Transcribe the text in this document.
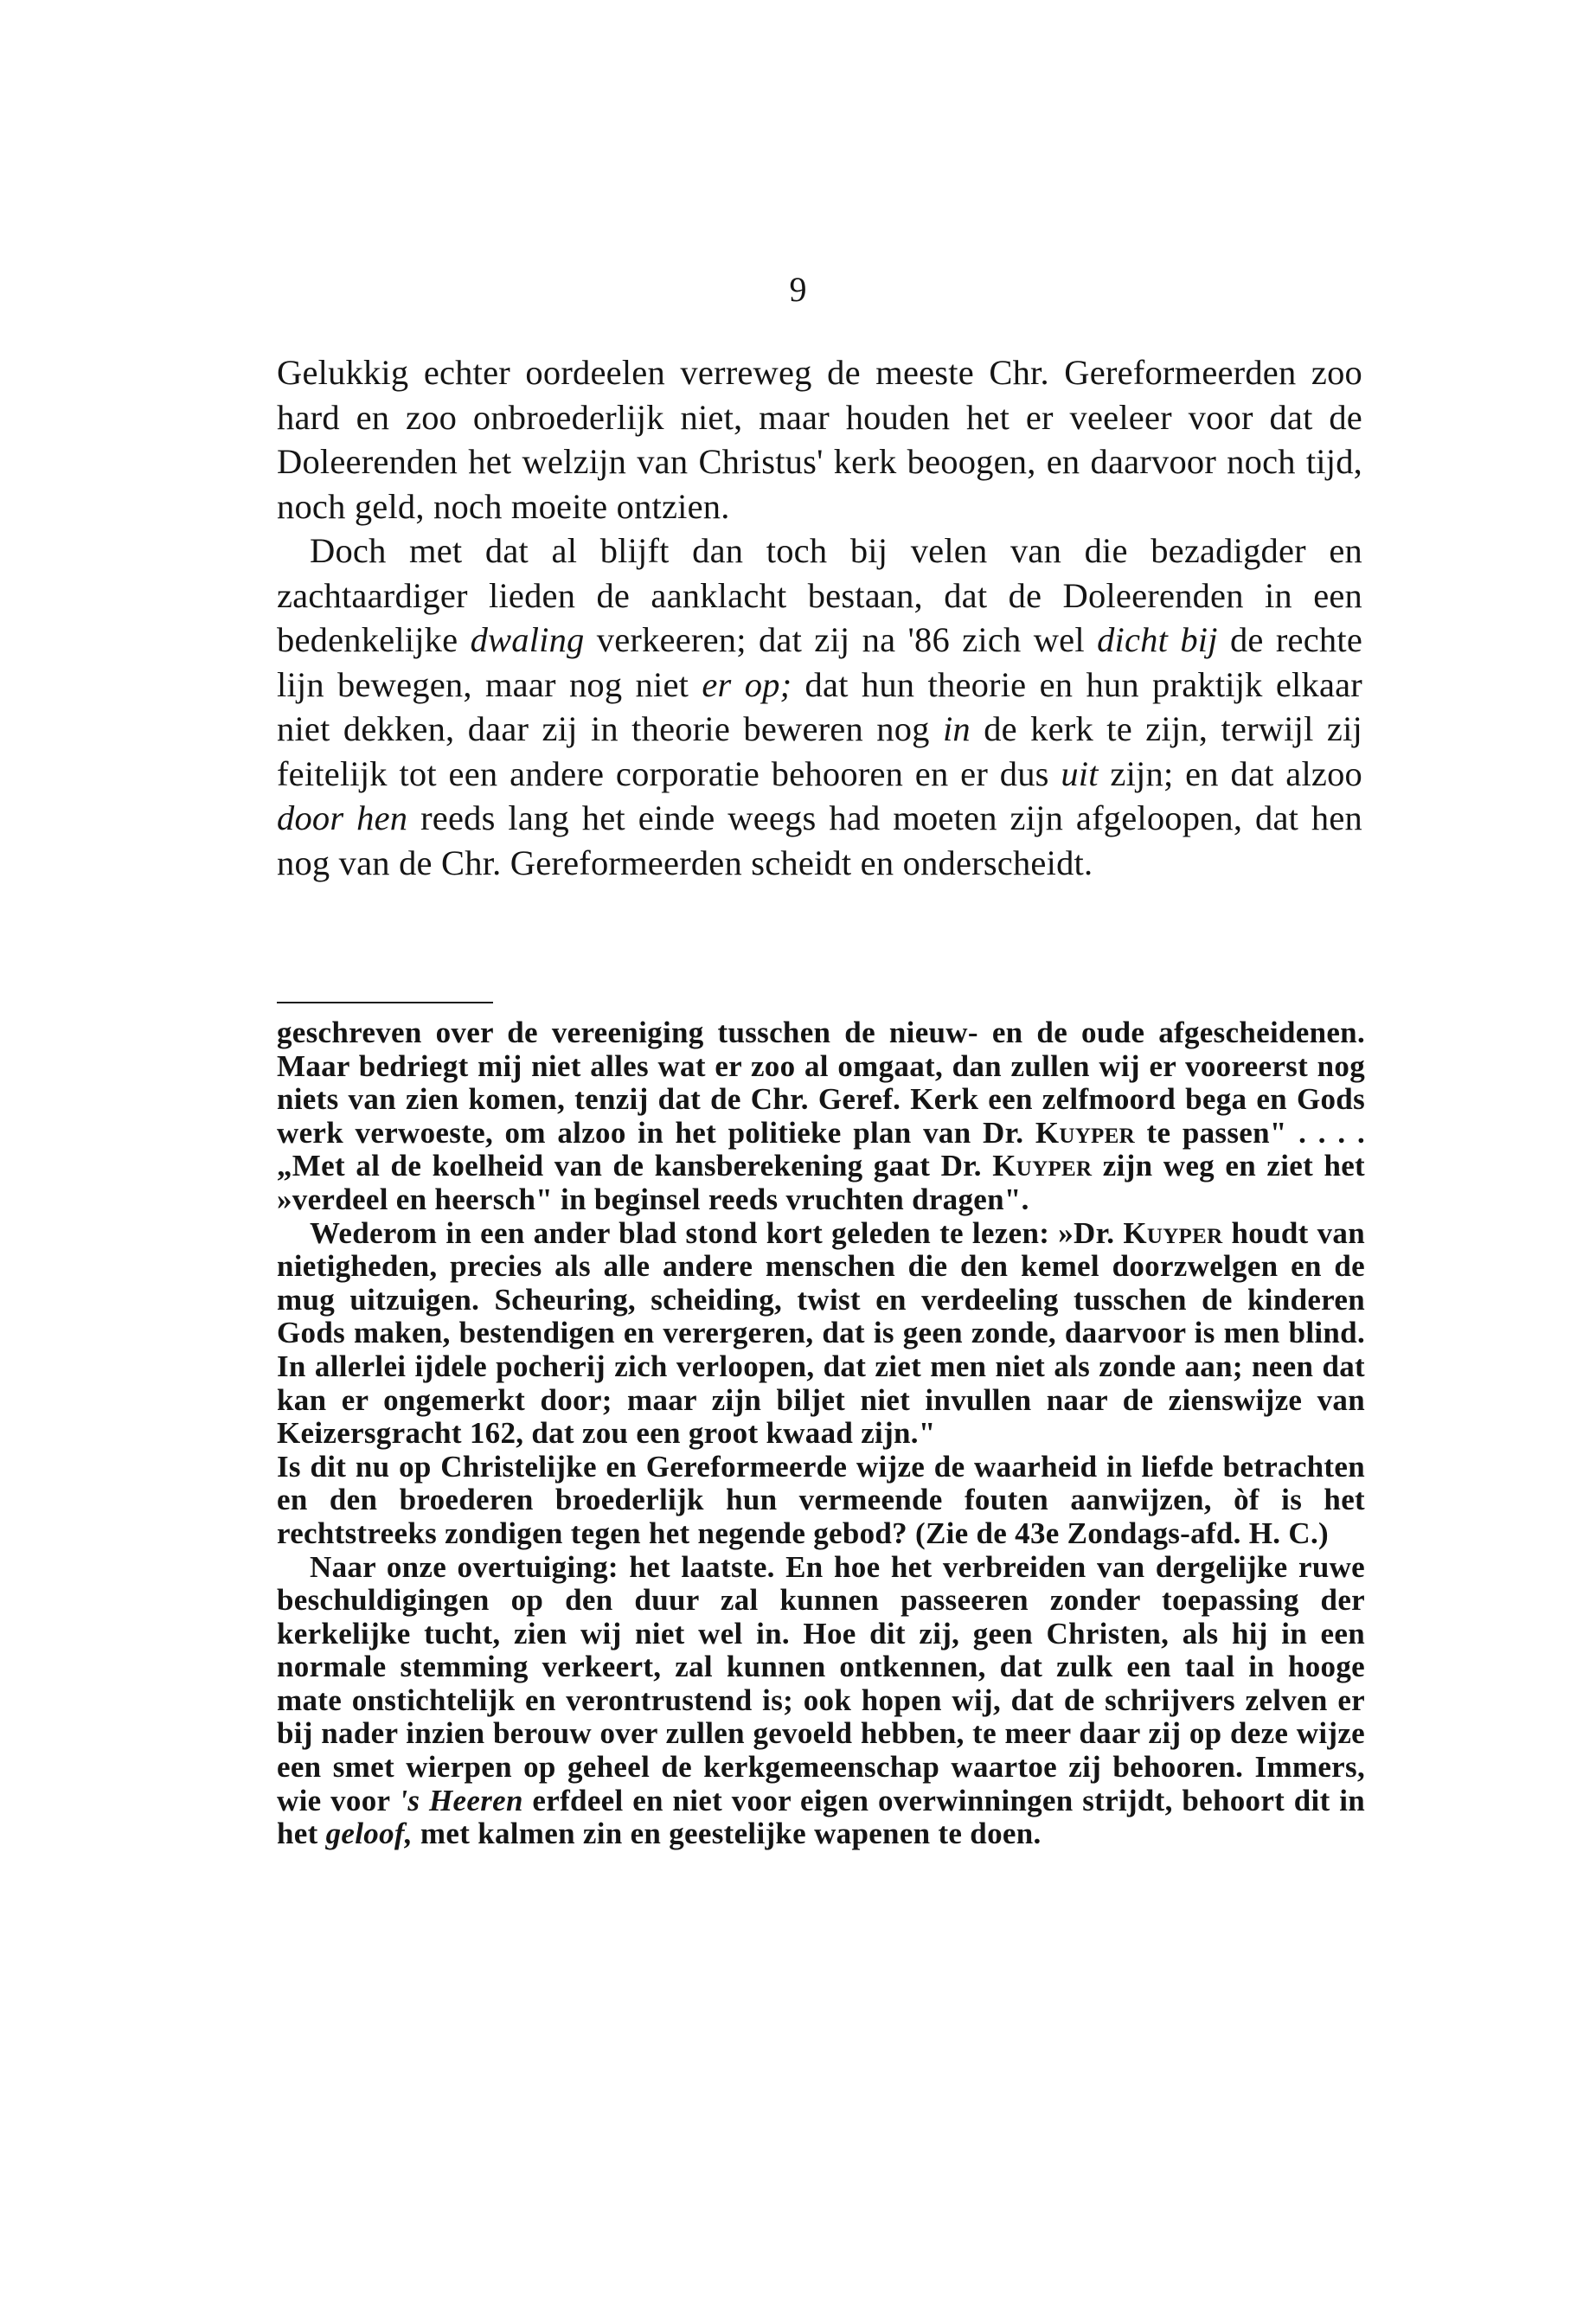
9

Gelukkig echter oordeelen verreweg de meeste Chr. Gereformeerden zoo hard en zoo onbroederlijk niet, maar houden het er veeleer voor dat de Doleerenden het welzijn van Christus' kerk beoogen, en daarvoor noch tijd, noch geld, noch moeite ontzien.

Doch met dat al blijft dan toch bij velen van die bezadigder en zachtaardiger lieden de aanklacht bestaan, dat de Doleerenden in een bedenkelijke dwaling verkeeren; dat zij na '86 zich wel dicht bij de rechte lijn bewegen, maar nog niet er op; dat hun theorie en hun praktijk elkaar niet dekken, daar zij in theorie beweren nog in de kerk te zijn, terwijl zij feitelijk tot een andere corporatie behooren en er dus uit zijn; en dat alzoo door hen reeds lang het einde weegs had moeten zijn afgeloopen, dat hen nog van de Chr. Gereformeerden scheidt en onderscheidt.

geschreven over de vereeniging tusschen de nieuw- en de oude afgescheidenen. Maar bedriegt mij niet alles wat er zoo al omgaat, dan zullen wij er vooreerst nog niets van zien komen, tenzij dat de Chr. Geref. Kerk een zelfmoord bega en Gods werk verwoeste, om alzoo in het politieke plan van Dr. Kuyper te passen" . . . . „Met al de koelheid van de kansberekening gaat Dr. Kuyper zijn weg en ziet het »verdeel en heersch" in beginsel reeds vruchten dragen".

Wederom in een ander blad stond kort geleden te lezen: »Dr. Kuyper houdt van nietigheden, precies als alle andere menschen die den kemel doorzwelgen en de mug uitzuigen. Scheuring, scheiding, twist en verdeeling tusschen de kinderen Gods maken, bestendigen en verergeren, dat is geen zonde, daarvoor is men blind. In allerlei ijdele pocherij zich verloopen, dat ziet men niet als zonde aan; neen dat kan er ongemerkt door; maar zijn biljet niet invullen naar de zienswijze van Keizersgracht 162, dat zou een groot kwaad zijn."

Is dit nu op Christelijke en Gereformeerde wijze de waarheid in liefde betrachten en den broederen broederlijk hun vermeende fouten aanwijzen, òf is het rechtstreeks zondigen tegen het negende gebod? (Zie de 43e Zondags-afd. H. C.)

Naar onze overtuiging: het laatste. En hoe het verbreiden van dergelijke ruwe beschuldigingen op den duur zal kunnen passeeren zonder toepassing der kerkelijke tucht, zien wij niet wel in. Hoe dit zij, geen Christen, als hij in een normale stemming verkeert, zal kunnen ontkennen, dat zulk een taal in hooge mate onstichtelijk en verontrustend is; ook hopen wij, dat de schrijvers zelven er bij nader inzien berouw over zullen gevoeld hebben, te meer daar zij op deze wijze een smet wierpen op geheel de kerkgemeenschap waartoe zij behooren. Immers, wie voor 's Heeren erfdeel en niet voor eigen overwinningen strijdt, behoort dit in het geloof, met kalmen zin en geestelijke wapenen te doen.
